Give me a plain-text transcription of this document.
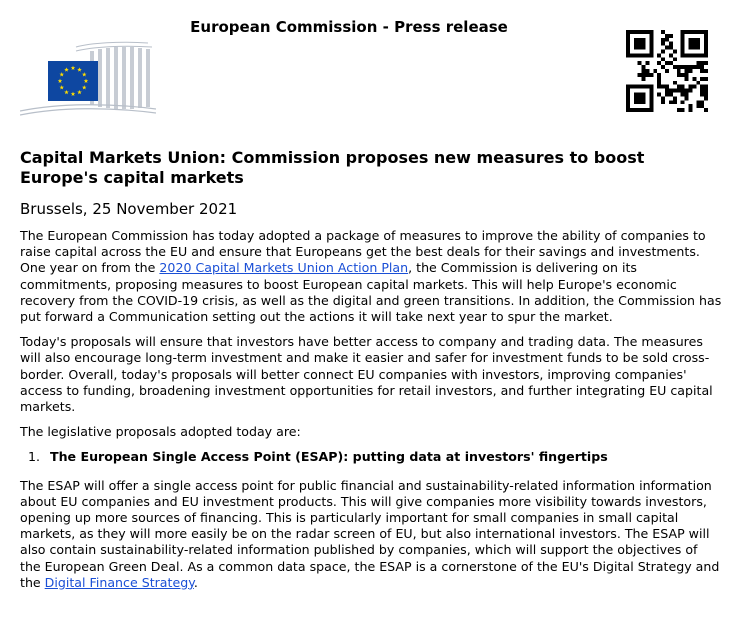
European Commission - Press release
Capital Markets Union: Commission proposes new measures to boost Europe's capital markets
Brussels, 25 November 2021

The European Commission has today adopted a package of measures to improve the ability of companies to raise capital across the EU and ensure that Europeans get the best deals for their savings and investments. One year on from the 2020 Capital Markets Union Action Plan, the Commission is delivering on its commitments, proposing measures to boost European capital markets. This will help Europe's economic recovery from the COVID-19 crisis, as well as the digital and green transitions. In addition, the Commission has put forward a Communication setting out the actions it will take next year to spur the market.

Today's proposals will ensure that investors have better access to company and trading data. The measures will also encourage long-term investment and make it easier and safer for investment funds to be sold cross-border. Overall, today's proposals will better connect EU companies with investors, improving companies' access to funding, broadening investment opportunities for retail investors, and further integrating EU capital markets.

The legislative proposals adopted today are:

1. The European Single Access Point (ESAP): putting data at investors' fingertips

The ESAP will offer a single access point for public financial and sustainability-related information information about EU companies and EU investment products. This will give companies more visibility towards investors, opening up more sources of financing. This is particularly important for small companies in small capital markets, as they will more easily be on the radar screen of EU, but also international investors. The ESAP will also contain sustainability-related information published by companies, which will support the objectives of the European Green Deal. As a common data space, the ESAP is a cornerstone of the EU's Digital Strategy and the Digital Finance Strategy.
